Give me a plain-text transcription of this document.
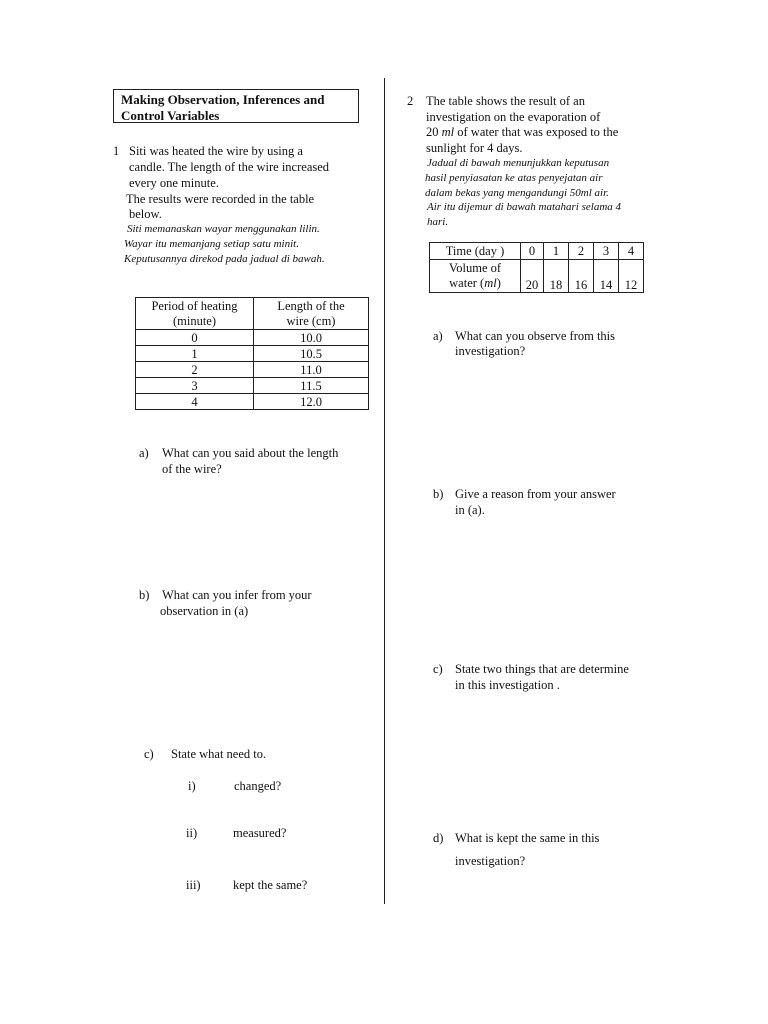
Making Observation, Inferences and Control Variables
1 Siti was heated the wire by using a
candle. The length of the wire increased
every one minute.
The results were recorded in the table
below.
Siti memanaskan wayar menggunakan lilin.
Wayar itu memanjang setiap satu minit.
Keputusannya direkod pada jadual di bawah.
Period of heating
(minute)	Length of the
wire (cm)
0	10.0
1	10.5
2	11.0
3	11.5
4	12.0
a) What can you said about the length
of the wire?
b) What can you infer from your
observation in (a)
c) State what need to.
i)	changed?
ii)	measured?
iii)	kept the same?
2 The table shows the result of an
investigation on the evaporation of
20 ml of water that was exposed to the
sunlight for 4 days.
Jadual di bawah menunjukkan keputusan
hasil penyiasatan ke atas penyejatan air
dalam bekas yang mengandungi 50ml air.
Air itu dijemur di bawah matahari selama 4
hari.
Time (day )	0	1	2	3	4
Volume of
water (ml)	20	18	16	14	12
a) What can you observe from this
investigation?
b) Give a reason from your answer
in (a).
c) State two things that are determine
in this investigation .
d) What is kept the same in this
investigation?
